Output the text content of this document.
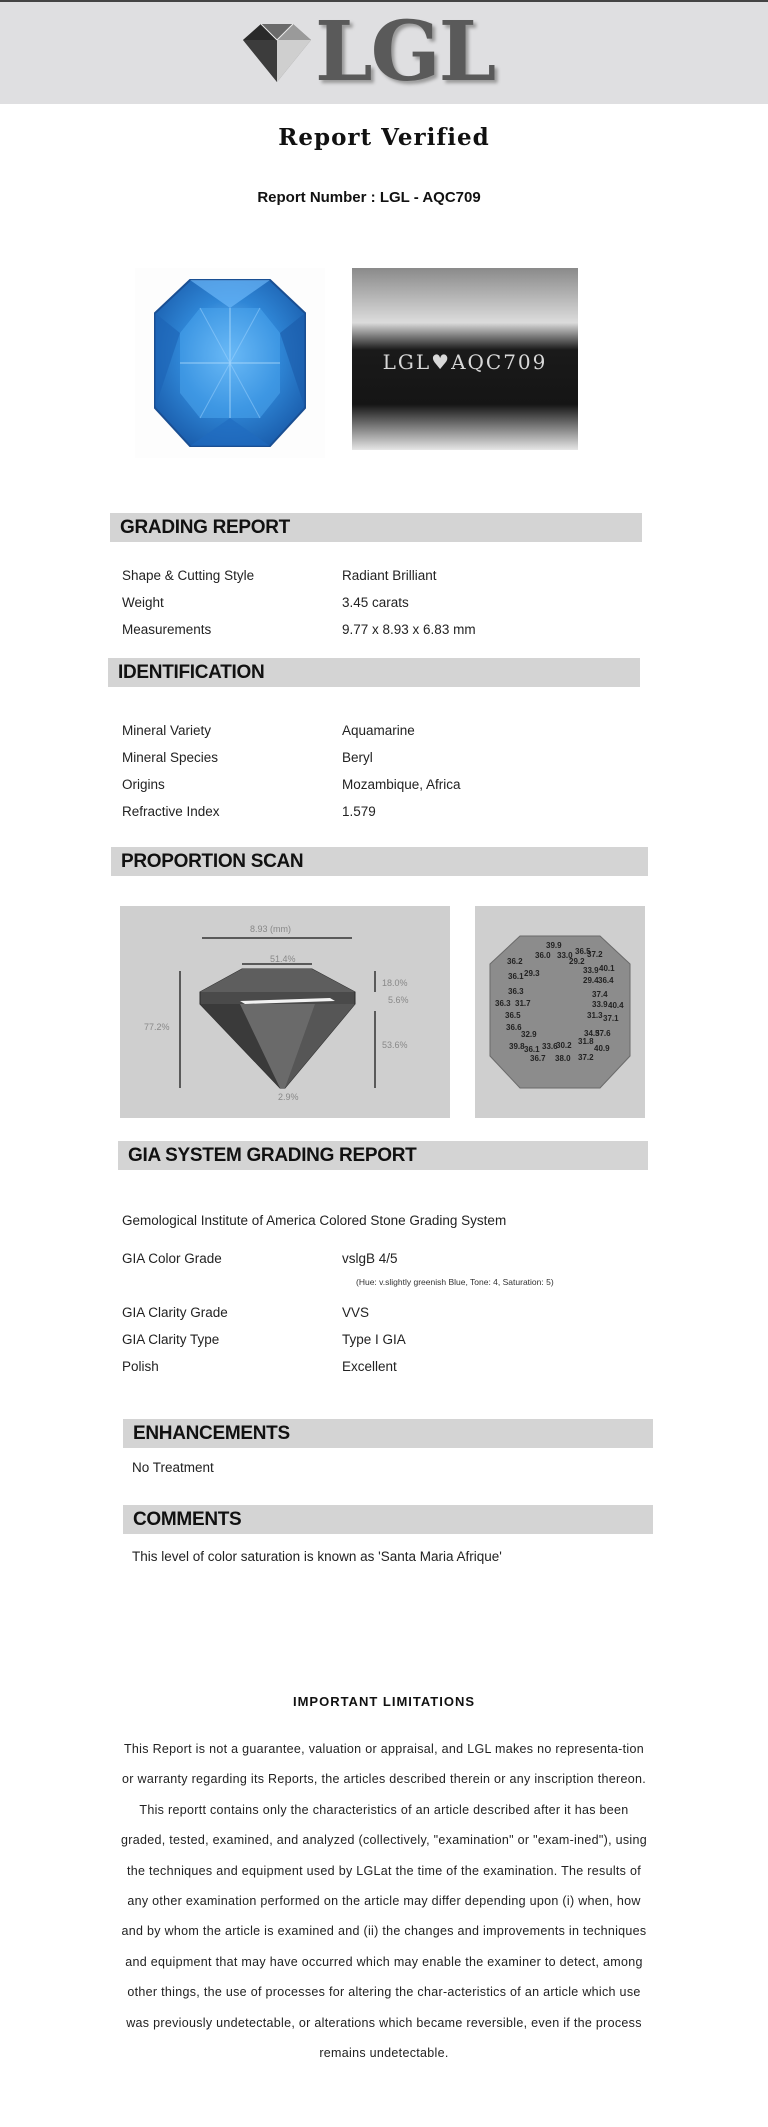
LGL
Report Verified
Report Number : LGL - AQC709
LGL♥AQC709
GRADING REPORT
Shape & Cutting Style	Radiant Brilliant
Weight	3.45 carats
Measurements	9.77 x 8.93 x 6.83 mm
IDENTIFICATION
Mineral Variety	Aquamarine
Mineral Species	Beryl
Origins	Mozambique, Africa
Refractive Index	1.579
PROPORTION SCAN
8.93 (mm)
51.4%
77.2%
18.0%
5.6%
53.6%
2.9%
39.9
36.0 33.0 36.5
37.2
36.2	29.2
33.9 40.1
36.1 29.3
29.4 36.4
36.3	37.4
36.3 31.7	33.9 40.4
36.5	31.3 37.1
36.6
32.9	34.5
37.6
31.8
39.8 36.1 33.6
30.2	40.9
36.7 38.0 37.2
GIA SYSTEM GRADING REPORT
Gemological Institute of America Colored Stone Grading System
GIA Color Grade	vslgB 4/5
(Hue: v.slightly greenish Blue, Tone: 4, Saturation: 5)
GIA Clarity Grade	VVS
GIA Clarity Type	Type I GIA
Polish	Excellent
ENHANCEMENTS
No Treatment
COMMENTS
This level of color saturation is known as 'Santa Maria Afrique'
IMPORTANT LIMITATIONS
This Report is not a guarantee, valuation or appraisal, and LGL makes no representa-tion or warranty regarding its Reports, the articles described therein or any inscription thereon. This reportt contains only the characteristics of an article described after it has been graded, tested, examined, and analyzed (collectively, "examination" or "exam-ined"), using the techniques and equipment used by LGLat the time of the examination. The results of any other examination performed on the article may differ depending upon (i) when, how and by whom the article is examined and (ii) the changes and improvements in techniques and equipment that may have occurred which may enable the examiner to detect, among other things, the use of processes for altering the char-acteristics of an article which use was previously undetectable, or alterations which became reversible, even if the process remains undetectable.
